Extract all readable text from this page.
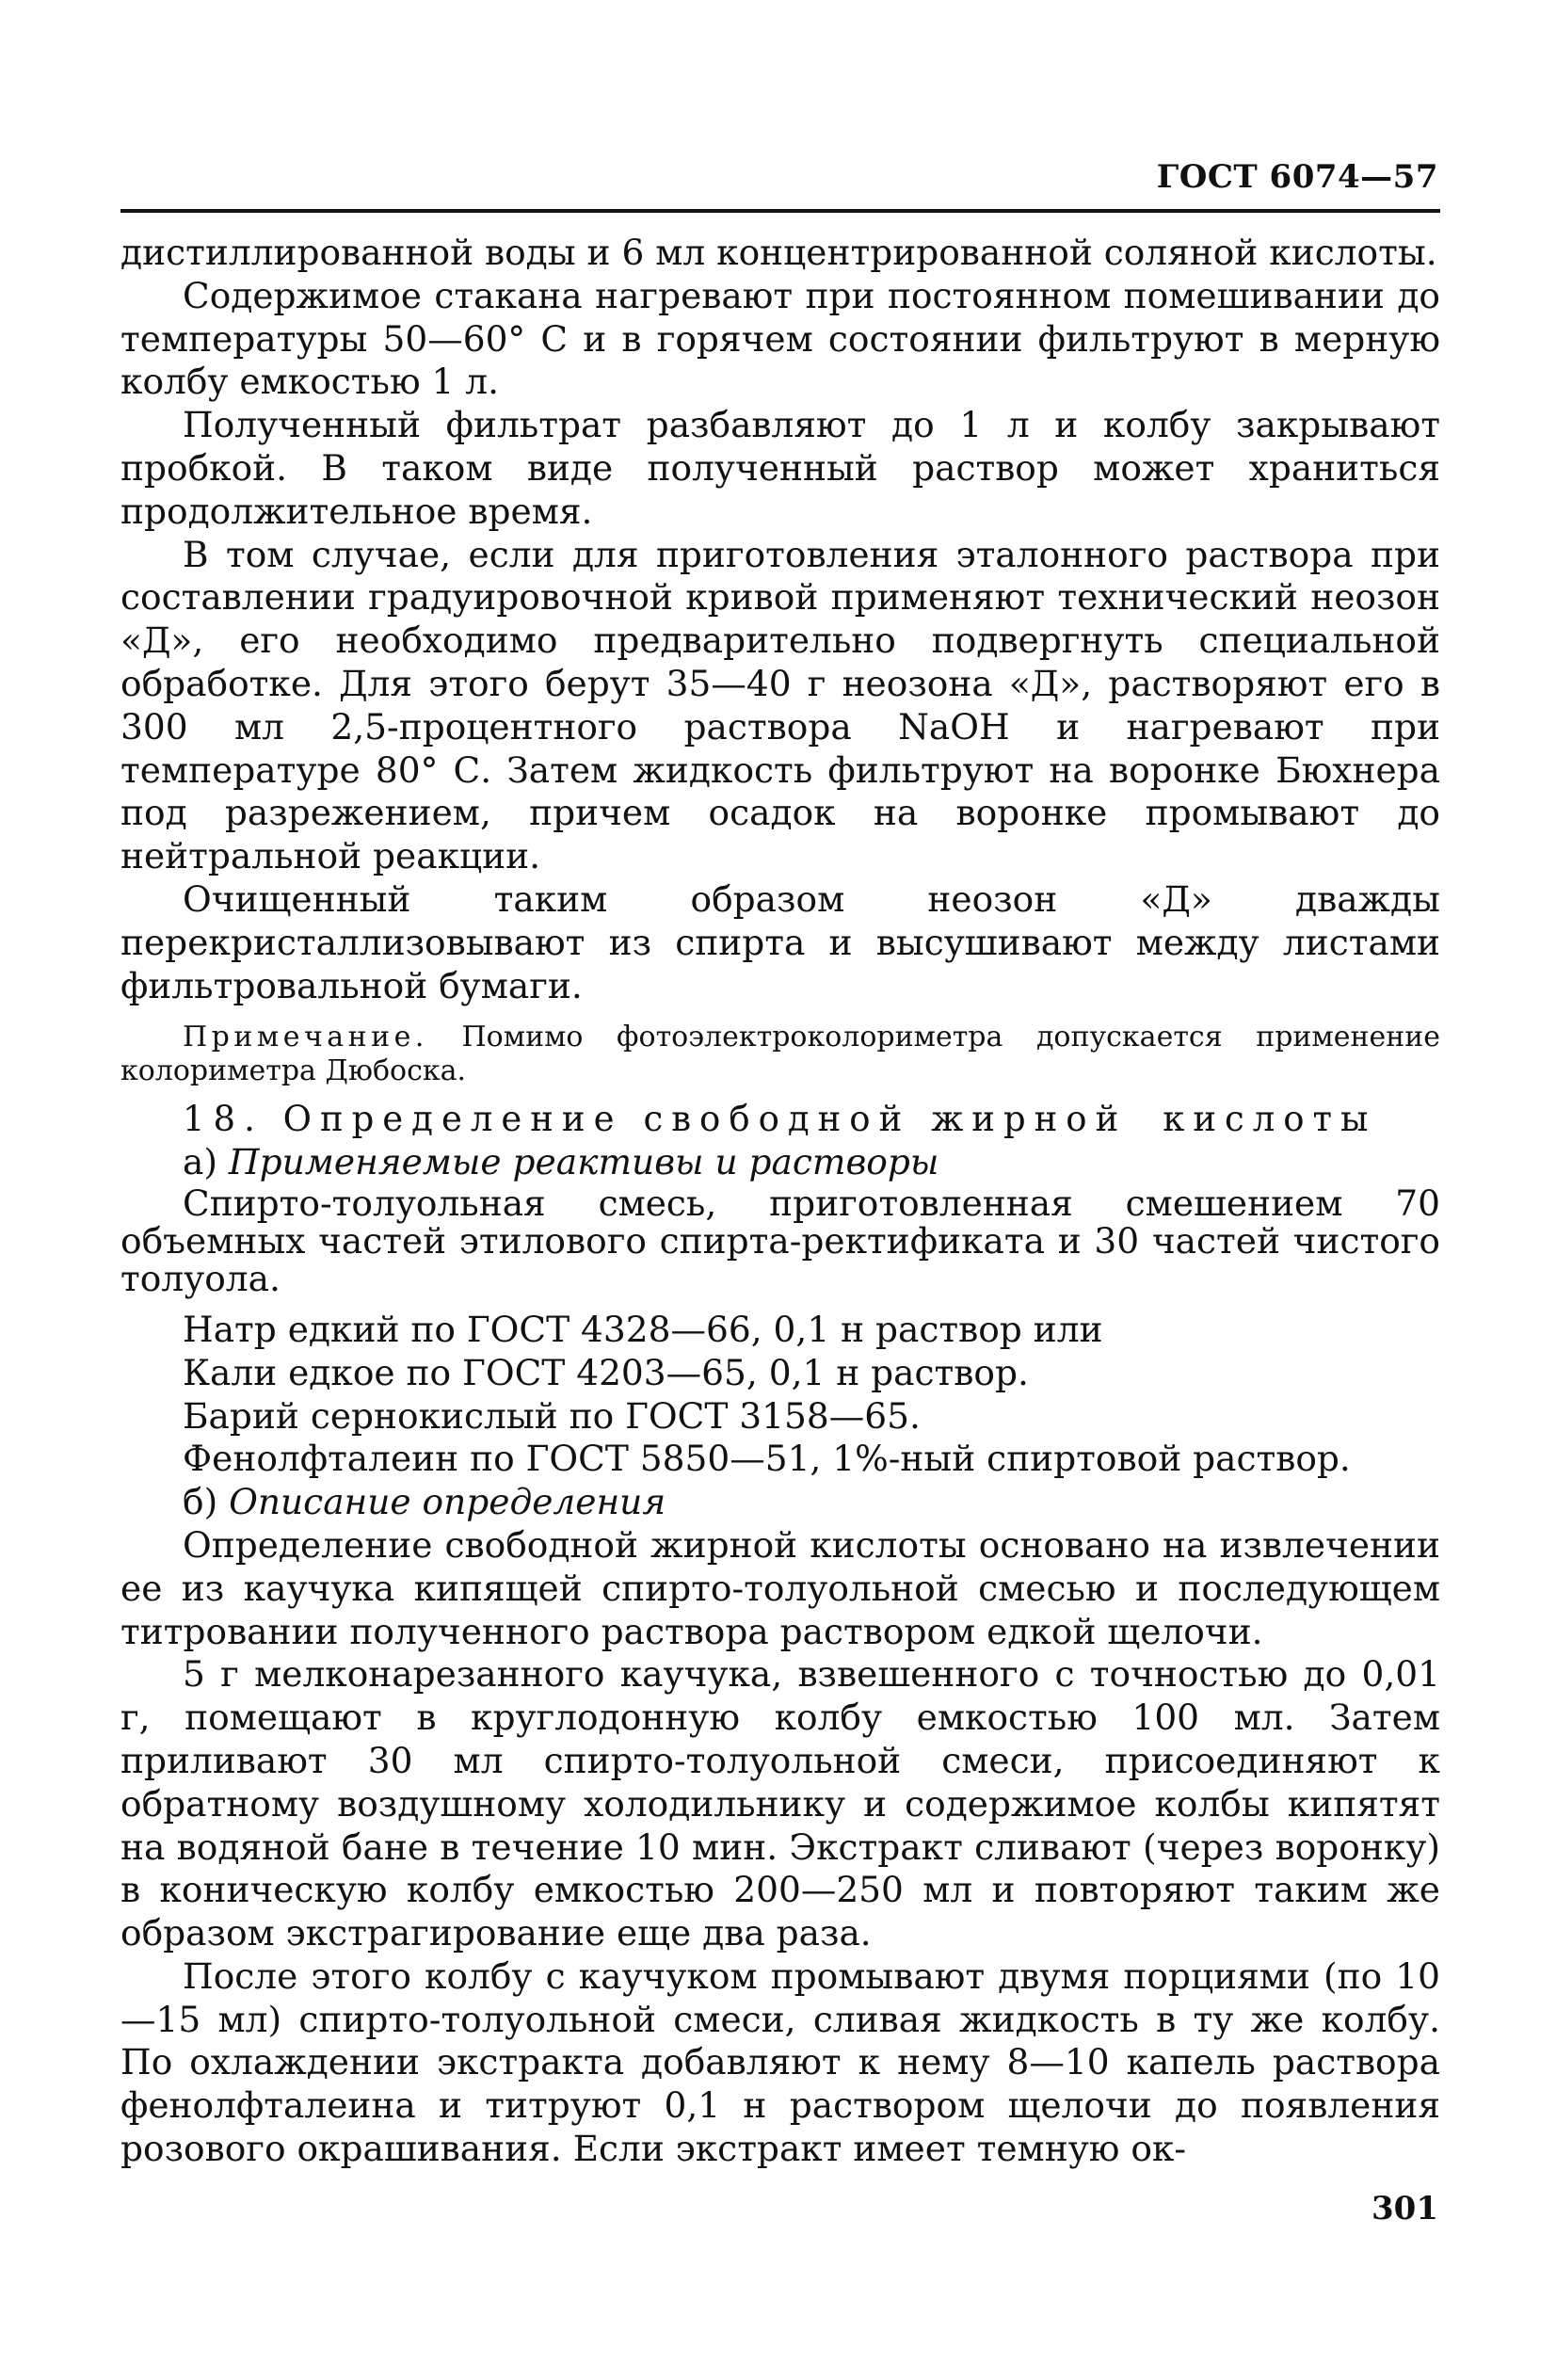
ГОСТ 6074—57

дистиллированной воды и 6 мл концентрированной соляной кислоты.

Содержимое стакана нагревают при постоянном помешивании до температуры 50—60° С и в горячем состоянии фильтруют в мерную колбу емкостью 1 л.

Полученный фильтрат разбавляют до 1 л и колбу закрывают пробкой. В таком виде полученный раствор может храниться продолжительное время.

В том случае, если для приготовления эталонного раствора при составлении градуировочной кривой применяют технический неозон «Д», его необходимо предварительно подвергнуть специальной обработке. Для этого берут 35—40 г неозона «Д», растворяют его в 300 мл 2,5-процентного раствора NaOH и нагревают при температуре 80° С. Затем жидкость фильтруют на воронке Бюхнера под разрежением, причем осадок на воронке промывают до нейтральной реакции.

Очищенный таким образом неозон «Д» дважды перекристаллизовывают из спирта и высушивают между листами фильтровальной бумаги.

Примечание. Помимо фотоэлектроколориметра допускается применение колориметра Дюбоска.

18. Определение свободной жирной кислоты

а) Применяемые реактивы и растворы

Спирто-толуольная смесь, приготовленная смешением 70 объемных частей этилового спирта-ректификата и 30 частей чистого толуола.

Натр едкий по ГОСТ 4328—66, 0,1 н раствор или

Кали едкое по ГОСТ 4203—65, 0,1 н раствор.

Барий сернокислый по ГОСТ 3158—65.

Фенолфталеин по ГОСТ 5850—51, 1%-ный спиртовой раствор.

б) Описание определения

Определение свободной жирной кислоты основано на извлечении ее из каучука кипящей спирто-толуольной смесью и последующем титровании полученного раствора раствором едкой щелочи.

5 г мелконарезанного каучука, взвешенного с точностью до 0,01 г, помещают в круглодонную колбу емкостью 100 мл. Затем приливают 30 мл спирто-толуольной смеси, присоединяют к обратному воздушному холодильнику и содержимое колбы кипятят на водяной бане в течение 10 мин. Экстракт сливают (через воронку) в коническую колбу емкостью 200—250 мл и повторяют таким же образом экстрагирование еще два раза.

После этого колбу с каучуком промывают двумя порциями (по 10—15 мл) спирто-толуольной смеси, сливая жидкость в ту же колбу. По охлаждении экстракта добавляют к нему 8—10 капель раствора фенолфталеина и титруют 0,1 н раствором щелочи до появления розового окрашивания. Если экстракт имеет темную ок-

301
